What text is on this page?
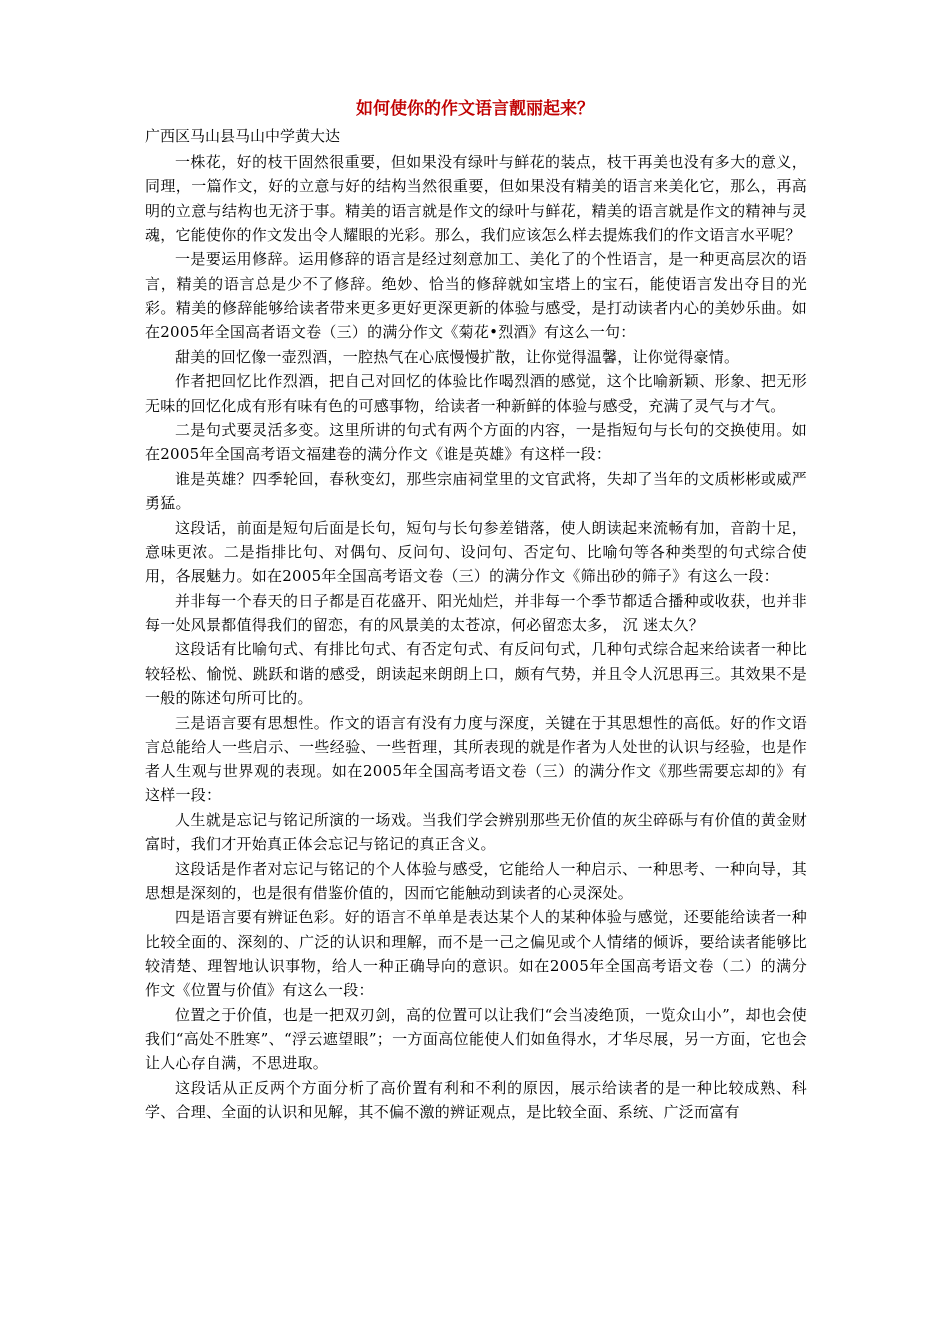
如何使你的作文语言靓丽起来？
广西区马山县马山中学黄大达

一株花，好的枝干固然很重要，但如果没有绿叶与鲜花的装点，枝干再美也没有多大的意义，同理，一篇作文，好的立意与好的结构当然很重要，但如果没有精美的语言来美化它，那么，再高明的立意与结构也无济于事。精美的语言就是作文的绿叶与鲜花，精美的语言就是作文的精神与灵魂，它能使你的作文发出令人耀眼的光彩。那么，我们应该怎么样去提炼我们的作文语言水平呢？

一是要运用修辞。运用修辞的语言是经过刻意加工、美化了的个性语言，是一种更高层次的语言，精美的语言总是少不了修辞。绝妙、恰当的修辞就如宝塔上的宝石，能使语言发出夺目的光彩。精美的修辞能够给读者带来更多更好更深更新的体验与感受，是打动读者内心的美妙乐曲。如在2005年全国高者语文卷（三）的满分作文《菊花•烈酒》有这么一句：

甜美的回忆像一壶烈酒，一腔热气在心底慢慢扩散，让你觉得温馨，让你觉得豪情。

作者把回忆比作烈酒，把自己对回忆的体验比作喝烈酒的感觉，这个比喻新颖、形象、把无形无味的回忆化成有形有味有色的可感事物，给读者一种新鲜的体验与感受，充满了灵气与才气。

二是句式要灵活多变。这里所讲的句式有两个方面的内容，一是指短句与长句的交换使用。如在2005年全国高考语文福建卷的满分作文《谁是英雄》有这样一段：

谁是英雄？四季轮回，春秋变幻，那些宗庙祠堂里的文官武将，失却了当年的文质彬彬或威严勇猛。

这段话，前面是短句后面是长句，短句与长句参差错落，使人朗读起来流畅有加，音韵十足，意味更浓。二是指排比句、对偶句、反问句、设问句、否定句、比喻句等各种类型的句式综合使用，各展魅力。如在2005年全国高考语文卷（三）的满分作文《筛出砂的筛子》有这么一段：

并非每一个春天的日子都是百花盛开、阳光灿烂，并非每一个季节都适合播种或收获，也并非每一处风景都值得我们的留恋，有的风景美的太苍凉，何必留恋太多， 沉 迷太久？

这段话有比喻句式、有排比句式、有否定句式、有反问句式，几种句式综合起来给读者一种比较轻松、愉悦、跳跃和谐的感受，朗读起来朗朗上口，颇有气势，并且令人沉思再三。其效果不是一般的陈述句所可比的。

三是语言要有思想性。作文的语言有没有力度与深度，关键在于其思想性的高低。好的作文语言总能给人一些启示、一些经验、一些哲理，其所表现的就是作者为人处世的认识与经验，也是作者人生观与世界观的表现。如在2005年全国高考语文卷（三）的满分作文《那些需要忘却的》有这样一段：

人生就是忘记与铭记所演的一场戏。当我们学会辨别那些无价值的灰尘碎砾与有价值的黄金财富时，我们才开始真正体会忘记与铭记的真正含义。

这段话是作者对忘记与铭记的个人体验与感受，它能给人一种启示、一种思考、一种向导，其思想是深刻的，也是很有借鉴价值的，因而它能触动到读者的心灵深处。

四是语言要有辨证色彩。好的语言不单单是表达某个人的某种体验与感觉，还要能给读者一种比较全面的、深刻的、广泛的认识和理解，而不是一己之偏见或个人情绪的倾诉，要给读者能够比较清楚、理智地认识事物，给人一种正确导向的意识。如在2005年全国高考语文卷（二）的满分作文《位置与价值》有这么一段：

位置之于价值，也是一把双刃剑，高的位置可以让我们“会当凌绝顶，一览众山小”，却也会使我们“高处不胜寒”、“浮云遮望眼”；一方面高位能使人们如鱼得水，才华尽展，另一方面，它也会让人心存自满，不思进取。

这段话从正反两个方面分析了高价置有利和不利的原因，展示给读者的是一种比较成熟、科学、合理、全面的认识和见解，其不偏不激的辨证观点，是比较全面、系统、广泛而富有
